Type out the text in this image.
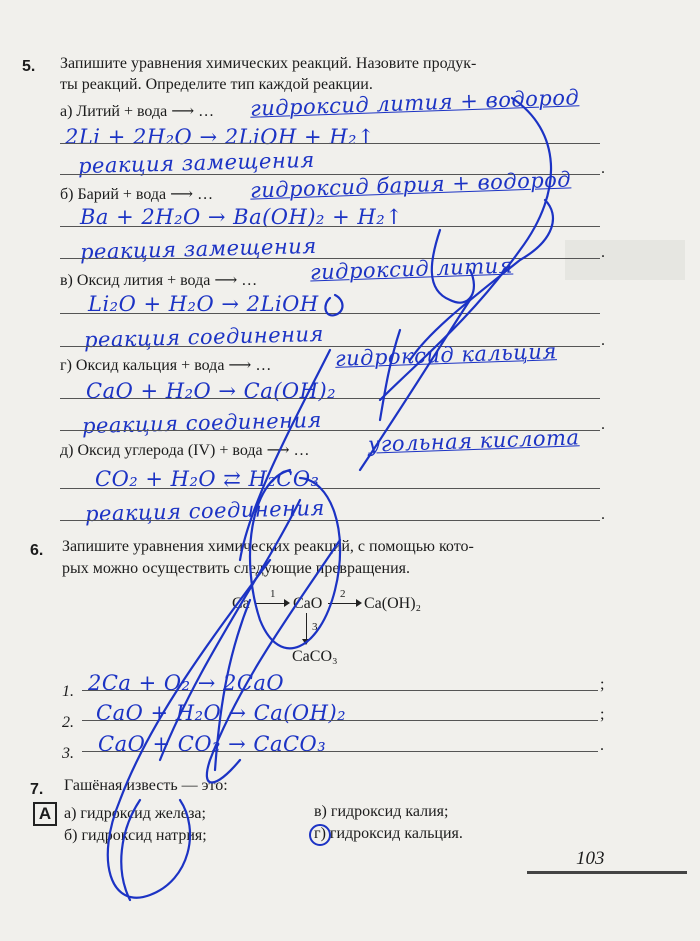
5. Запишите уравнения химических реакций. Назовите продук-
ты реакций. Определите тип каждой реакции.
а) Литий + вода ⟶ … гидроксид лития + водород
2Li + 2H₂O → 2LiOH + H₂↑
реакция замещения	.
б) Барий + вода ⟶ … гидроксид бария + водород
Ba + 2H₂O → Ba(OH)₂ + H₂↑
реакция замещения	.
в) Оксид лития + вода ⟶ … гидроксид лития
Li₂O + H₂O → 2LiOH
реакция соединения	.
г) Оксид кальция + вода ⟶ …	гидроксид кальция
CaO + H₂O → Ca(OH)₂
реакция соединения	.
д) Оксид углерода (IV) + вода ⟶ …	угольная кислота
CO₂ + H₂O ⇄ H₂CO₃
реакция соединения	.
6. Запишите уравнения химических реакций, с помощью кото-
рых можно осуществить следующие превращения.
Ca
1
CaO
2
Ca(OH)₂
3
CaCO₃
1. 2Ca + O₂ → 2CaO	;
2. CaO + H₂O → Ca(OH)₂	;
3. CaO + CO₂ → CaCO₃	.
7. Гашёная известь — это:
А а) гидроксид железа;
б) гидроксид натрия;
в) гидроксид калия;
г) гидроксид кальция.
103
